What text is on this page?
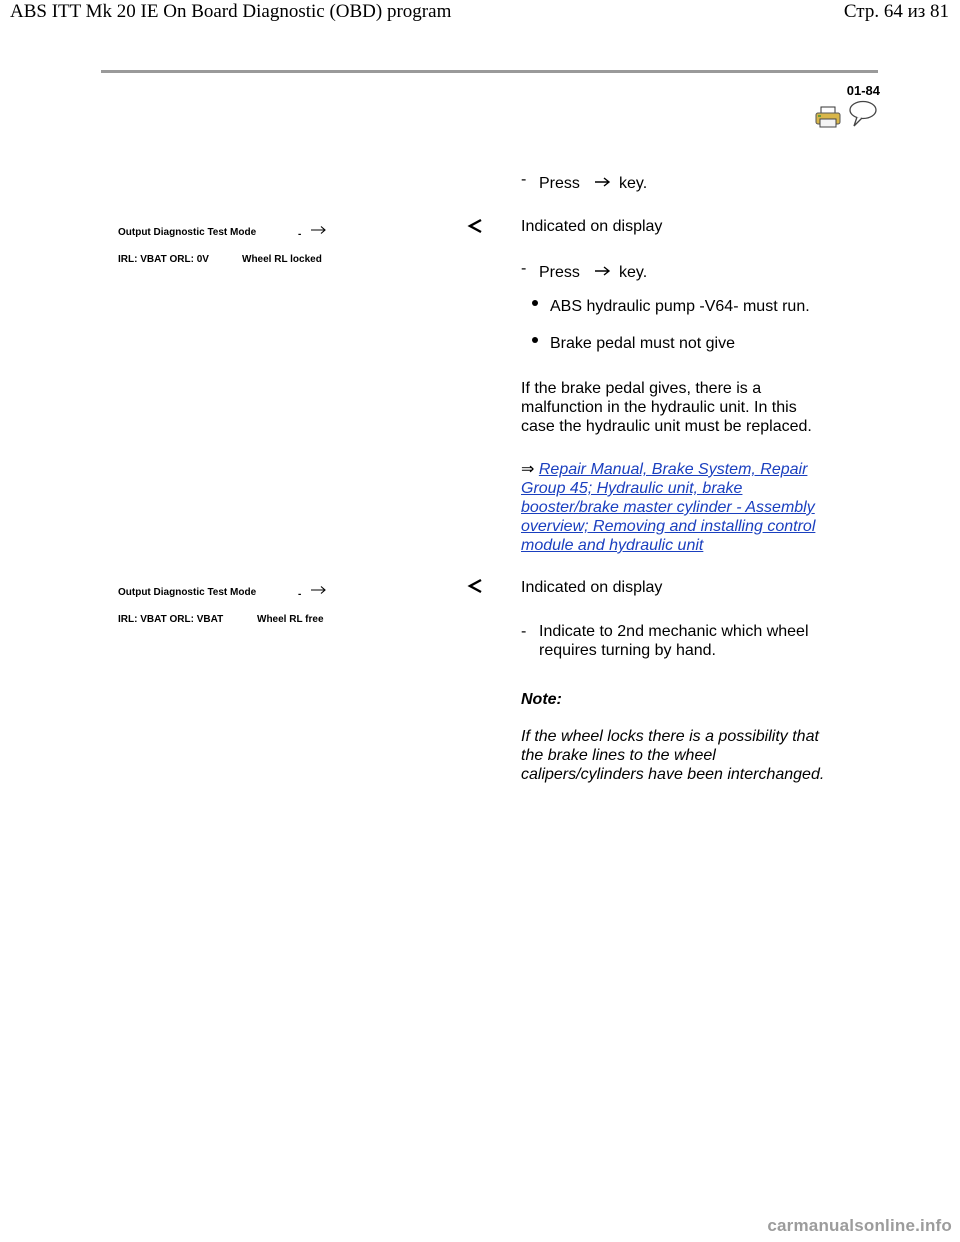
ABS ITT Mk 20 IE On Board Diagnostic (OBD) program	Стр. 64 из 81
01-84
- Press key.
Output Diagnostic Test Mode	-
IRL: VBAT ORL: 0V	Wheel RL locked
Indicated on display
- Press key.
ABS hydraulic pump -V64- must run.
Brake pedal must not give
If the brake pedal gives, there is a
malfunction in the hydraulic unit. In this
case the hydraulic unit must be replaced.
⇒ Repair Manual, Brake System, Repair
Group 45; Hydraulic unit, brake
booster/brake master cylinder - Assembly
overview; Removing and installing control
module and hydraulic unit
Output Diagnostic Test Mode	-
IRL: VBAT ORL: VBAT	Wheel RL free
Indicated on display
- Indicate to 2nd mechanic which wheel
requires turning by hand.
Note:
If the wheel locks there is a possibility that
the brake lines to the wheel
calipers/cylinders have been interchanged.
carmanualsonline.info
